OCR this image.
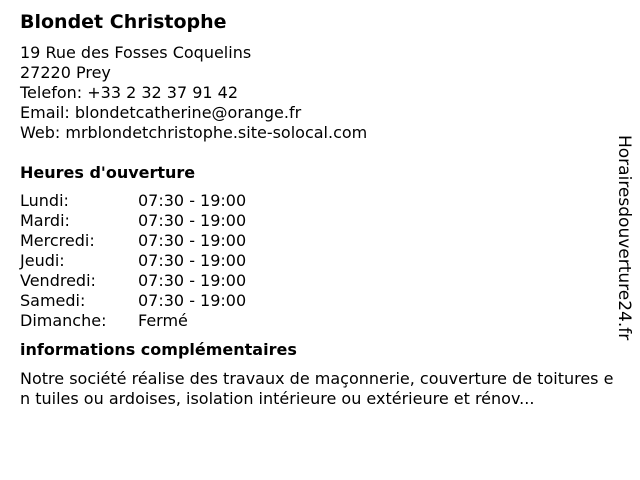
Blondet Christophe
19 Rue des Fosses Coquelins
27220 Prey
Telefon: +33 2 32 37 91 42
Email: blondetcatherine@orange.fr
Web: mrblondetchristophe.site-solocal.com
Heures d'ouverture
Lundi:	07:30 - 19:00
Mardi:	07:30 - 19:00
Mercredi:	07:30 - 19:00
Jeudi:	07:30 - 19:00
Vendredi:	07:30 - 19:00
Samedi:	07:30 - 19:00
Dimanche:	Fermé
informations complémentaires
Notre société réalise des travaux de maçonnerie, couverture de toitures en tuiles ou ardoises, isolation intérieure ou extérieure et rénov...
Horairesdouverture24.fr
